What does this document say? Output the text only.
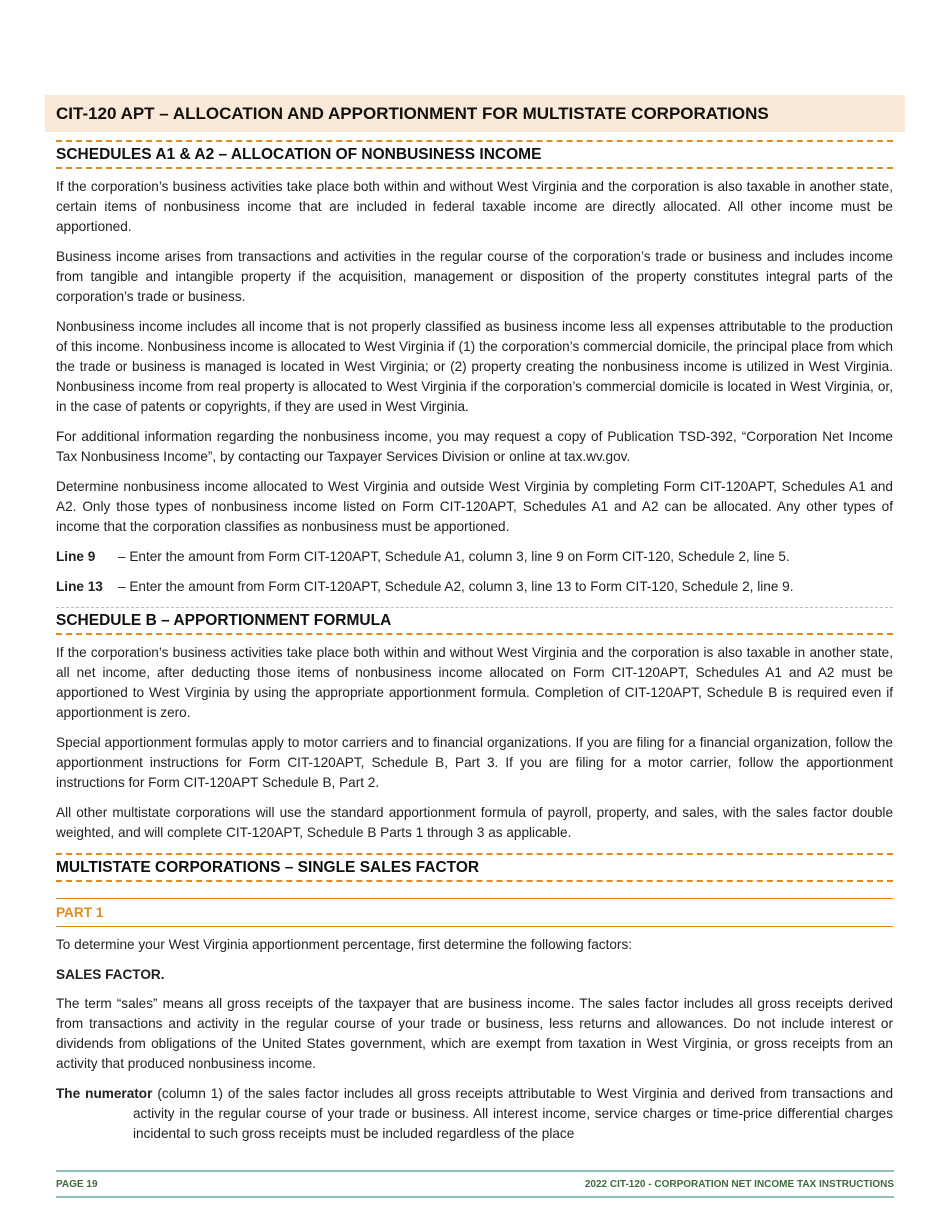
CIT-120 APT – ALLOCATION AND APPORTIONMENT FOR MULTISTATE CORPORATIONS
SCHEDULES A1 & A2 – ALLOCATION OF NONBUSINESS INCOME

If the corporation’s business activities take place both within and without West Virginia and the corporation is also taxable in another state, certain items of nonbusiness income that are included in federal taxable income are directly allocated. All other income must be apportioned.

Business income arises from transactions and activities in the regular course of the corporation’s trade or business and includes income from tangible and intangible property if the acquisition, management or disposition of the property constitutes integral parts of the corporation’s trade or business.

Nonbusiness income includes all income that is not properly classified as business income less all expenses attributable to the production of this income. Nonbusiness income is allocated to West Virginia if (1) the corporation’s commercial domicile, the principal place from which the trade or business is managed is located in West Virginia; or (2) property creating the nonbusiness income is utilized in West Virginia. Nonbusiness income from real property is allocated to West Virginia if the corporation’s commercial domicile is located in West Virginia, or, in the case of patents or copyrights, if they are used in West Virginia.

For additional information regarding the nonbusiness income, you may request a copy of Publication TSD-392, “Corporation Net Income Tax Nonbusiness Income”, by contacting our Taxpayer Services Division or online at tax.wv.gov.

Determine nonbusiness income allocated to West Virginia and outside West Virginia by completing Form CIT-120APT, Schedules A1 and A2. Only those types of nonbusiness income listed on Form CIT-120APT, Schedules A1 and A2 can be allocated. Any other types of income that the corporation classifies as nonbusiness must be apportioned.

Line 9 – Enter the amount from Form CIT-120APT, Schedule A1, column 3, line 9 on Form CIT-120, Schedule 2, line 5.
Line 13 – Enter the amount from Form CIT-120APT, Schedule A2, column 3, line 13 to Form CIT-120, Schedule 2, line 9.
SCHEDULE B – APPORTIONMENT FORMULA

If the corporation’s business activities take place both within and without West Virginia and the corporation is also taxable in another state, all net income, after deducting those items of nonbusiness income allocated on Form CIT-120APT, Schedules A1 and A2 must be apportioned to West Virginia by using the appropriate apportionment formula. Completion of CIT-120APT, Schedule B is required even if apportionment is zero.

Special apportionment formulas apply to motor carriers and to financial organizations. If you are filing for a financial organization, follow the apportionment instructions for Form CIT-120APT, Schedule B, Part 3. If you are filing for a motor carrier, follow the apportionment instructions for Form CIT-120APT Schedule B, Part 2.

All other multistate corporations will use the standard apportionment formula of payroll, property, and sales, with the sales factor double weighted, and will complete CIT-120APT, Schedule B Parts 1 through 3 as applicable.

MULTISTATE CORPORATIONS – SINGLE SALES FACTOR
PART 1

To determine your West Virginia apportionment percentage, first determine the following factors:

SALES FACTOR.

The term “sales” means all gross receipts of the taxpayer that are business income. The sales factor includes all gross receipts derived from transactions and activity in the regular course of your trade or business, less returns and allowances. Do not include interest or dividends from obligations of the United States government, which are exempt from taxation in West Virginia, or gross receipts from an activity that produced nonbusiness income.

The numerator (column 1) of the sales factor includes all gross receipts attributable to West Virginia and derived from transactions and activity in the regular course of your trade or business. All interest income, service charges or time-price differential charges incidental to such gross receipts must be included regardless of the place

PAGE 19	2022 CIT-120 - CORPORATION NET INCOME TAX INSTRUCTIONS
